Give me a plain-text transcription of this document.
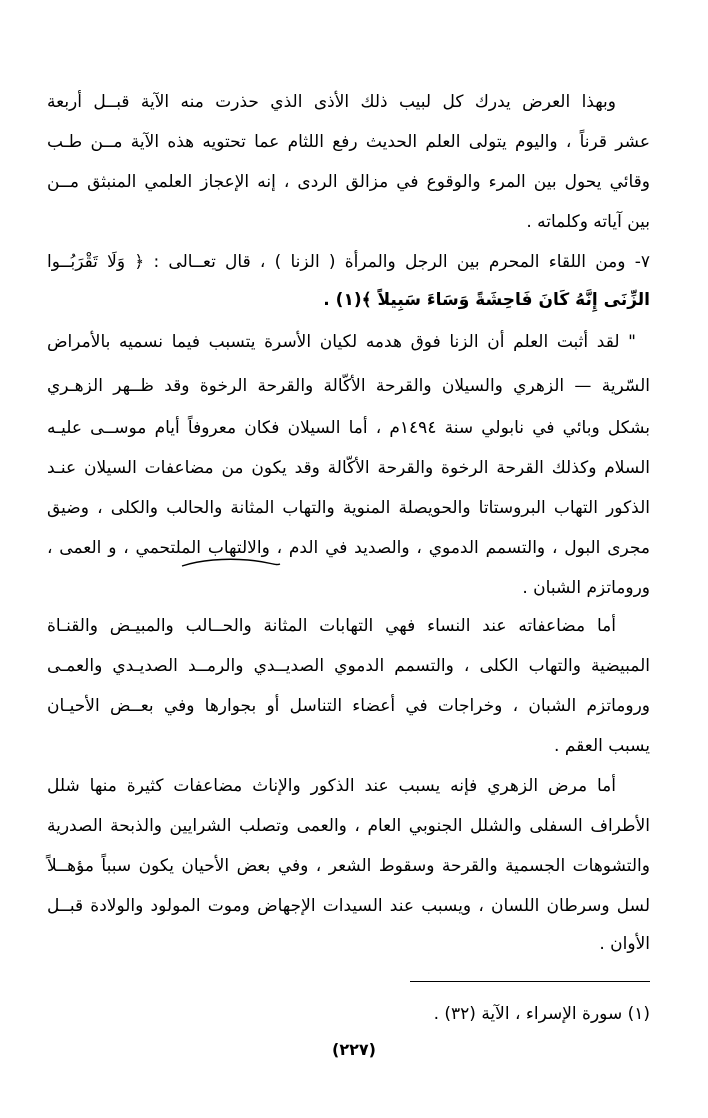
وبهذا العرض يدرك كل لبيب ذلك الأذى الذي حذرت منه الآية قبــل أربعة
عشر قرناً ، واليوم يتولى العلم الحديث رفع اللثام عما تحتويه هذه الآية مــن طـب
وقائي يحول بين المرء والوقوع في مزالق الردى ، إنه الإعجاز العلمي المنبثق مــن
بين آياته وكلماته .
٧- ومن اللقاء المحرم بين الرجل والمرأة ( الزنا ) ، قال تعــالى : ﴿ وَلَا تَقْرَبُــوا
الزِّنَى إِنَّهُ كَانَ فَاحِشَةً وَسَاءَ سَبِيلاً ﴾(١) .
" لقد أثبت العلم أن الزنا فوق هدمه لكيان الأسرة يتسبب فيما نسميه بالأمراض
السّرية — الزهري والسيلان والقرحة الأكّالة والقرحة الرخوة وقد ظــهر الزهـري
بشكل وبائي في نابولي سنة ١٤٩٤م ، أما السيلان فكان معروفاً أيام موســى عليـه
السلام وكذلك القرحة الرخوة والقرحة الأكّالة وقد يكون من مضاعفات السيلان عنـد
الذكور التهاب البروستاتا والحويصلة المنوية والتهاب المثانة والحالب والكلى ، وضيق
مجرى البول ، والتسمم الدموي ، والصديد في الدم ، والالتهاب الملتحمي ، و العمى ،
وروماتزم الشبان .
أما مضاعفاته عند النساء فهي التهابات المثانة والحــالب والمبيـض والقنـاة
المبيضية والتهاب الكلى ، والتسمم الدموي الصديــدي والرمــد الصديـدي والعمـى
وروماتزم الشبان ، وخراجات في أعضاء التناسل أو بجوارها وفي بعــض الأحيـان
يسبب العقم .
أما مرض الزهري فإنه يسبب عند الذكور والإناث مضاعفات كثيرة منها شلل
الأطراف السفلى والشلل الجنوبي العام ، والعمى وتصلب الشرايين والذبحة الصدرية
والتشوهات الجسمية والقرحة وسقوط الشعر ، وفي بعض الأحيان يكون سبباً مؤهــلاً
لسل وسرطان اللسان ، ويسبب عند السيدات الإجهاض وموت المولود والولادة قبــل
الأوان .
(١) سورة الإسراء ، الآية (٣٢) .
(٢٢٧)
